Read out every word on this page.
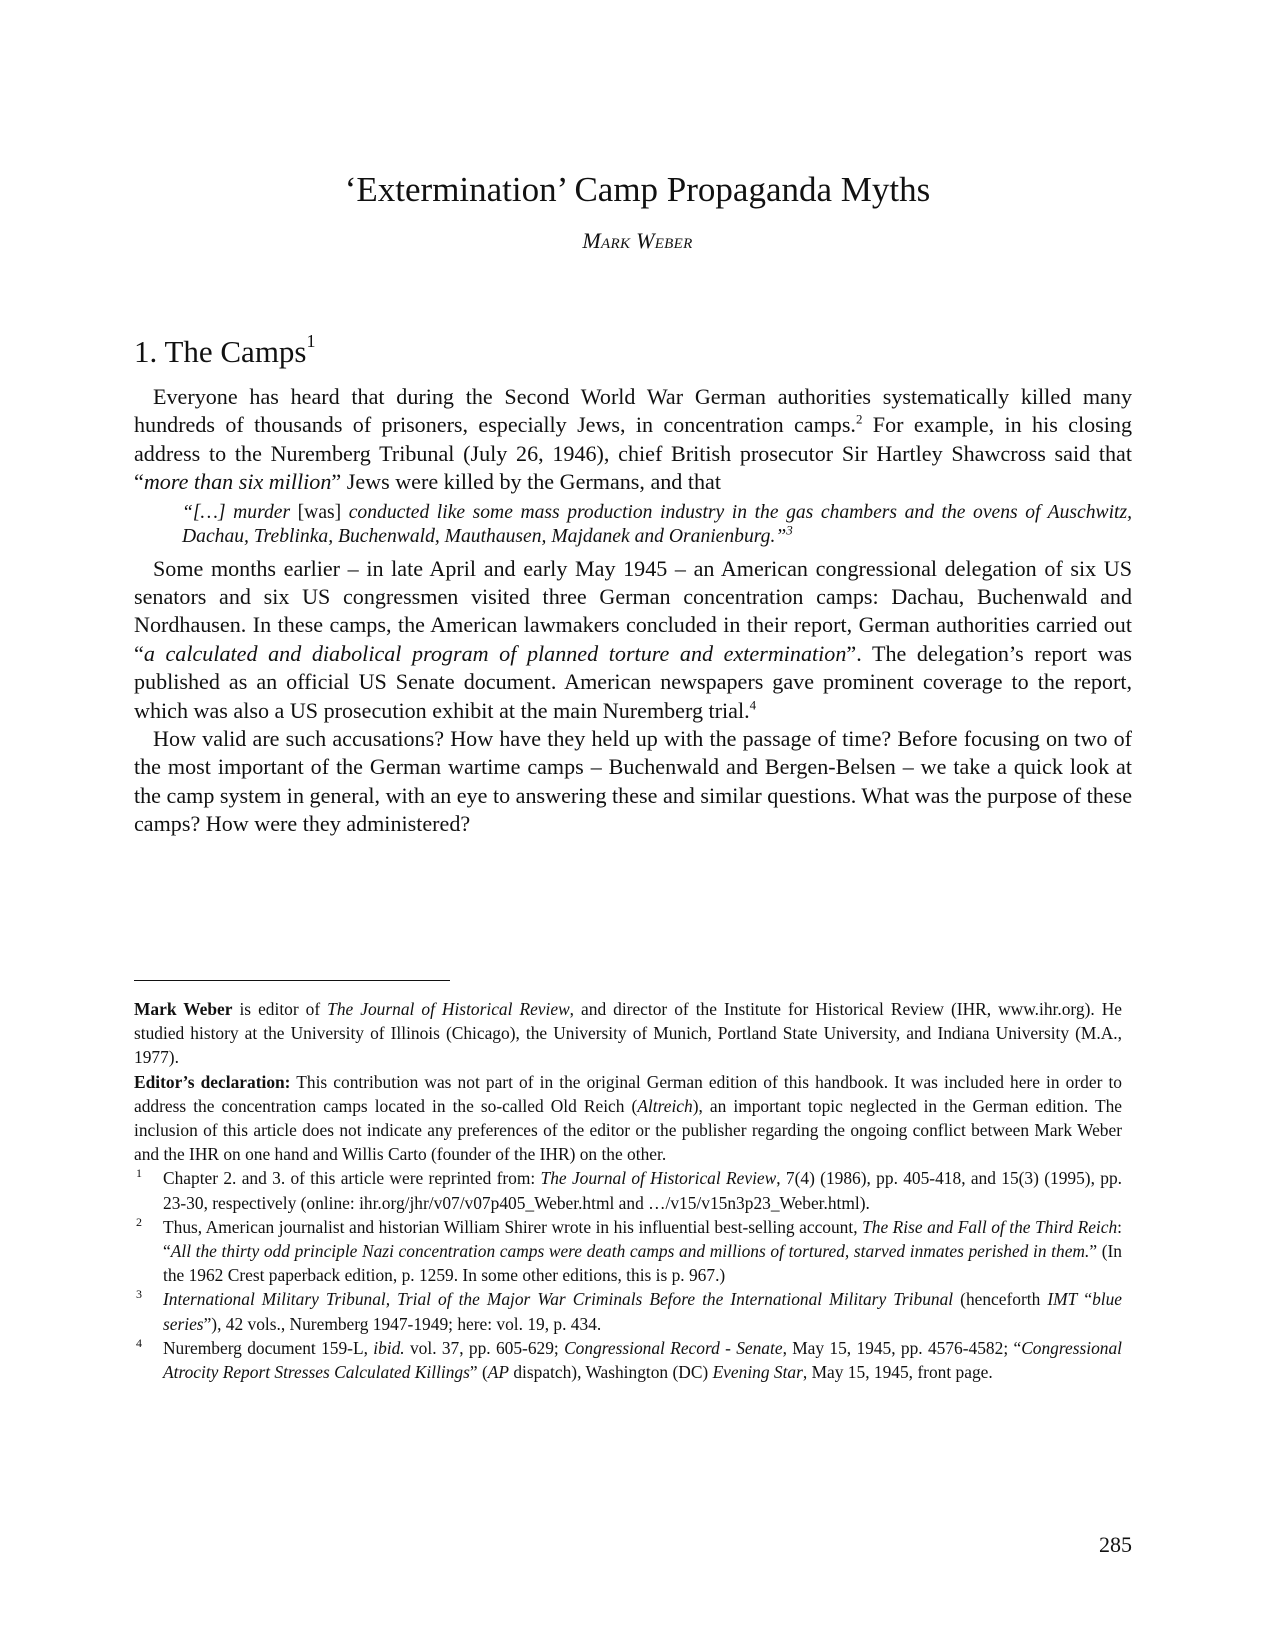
‘Extermination’ Camp Propaganda Myths
Mark Weber
1. The Camps$^1$

Everyone has heard that during the Second World War German authorities systematically killed many hundreds of thousands of prisoners, especially Jews, in concentration camps.$^2$ For example, in his closing address to the Nuremberg Tribunal (July 26, 1946), chief British prosecutor Sir Hartley Shawcross said that “more than six million” Jews were killed by the Germans, and that

“[…] murder [was] conducted like some mass production industry in the gas chambers and the ovens of Auschwitz, Dachau, Treblinka, Buchenwald, Mauthausen, Majdanek and Oranienburg.”$^3$

Some months earlier – in late April and early May 1945 – an American congressional delegation of six US senators and six US congressmen visited three German concentration camps: Dachau, Buchenwald and Nordhausen. In these camps, the American lawmakers concluded in their report, German authorities carried out “a calculated and diabolical program of planned torture and extermination”. The delegation’s report was published as an official US Senate document. American newspapers gave prominent coverage to the report, which was also a US prosecution exhibit at the main Nuremberg trial.$^4$

How valid are such accusations? How have they held up with the passage of time? Before focusing on two of the most important of the German wartime camps – Buchenwald and Bergen-Belsen – we take a quick look at the camp system in general, with an eye to answering these and similar questions. What was the purpose of these camps? How were they administered?

Mark Weber is editor of The Journal of Historical Review, and director of the Institute for Historical Review (IHR, www.ihr.org). He studied history at the University of Illinois (Chicago), the University of Munich, Portland State University, and Indiana University (M.A., 1977).

Editor’s declaration: This contribution was not part of in the original German edition of this handbook. It was included here in order to address the concentration camps located in the so-called Old Reich (Altreich), an important topic neglected in the German edition. The inclusion of this article does not indicate any preferences of the editor or the publisher regarding the ongoing conflict between Mark Weber and the IHR on one hand and Willis Carto (founder of the IHR) on the other.

1 Chapter 2. and 3. of this article were reprinted from: The Journal of Historical Review, 7(4) (1986), pp. 405-418, and 15(3) (1995), pp. 23-30, respectively (online: ihr.org/jhr/v07/v07p405_Weber.html and …/v15/v15n3p23_Weber.html).

2 Thus, American journalist and historian William Shirer wrote in his influential best-selling account, The Rise and Fall of the Third Reich: “All the thirty odd principle Nazi concentration camps were death camps and millions of tortured, starved inmates perished in them.” (In the 1962 Crest paperback edition, p. 1259. In some other editions, this is p. 967.)

3 International Military Tribunal, Trial of the Major War Criminals Before the International Military Tribunal (henceforth IMT “blue series”), 42 vols., Nuremberg 1947-1949; here: vol. 19, p. 434.

4 Nuremberg document 159-L, ibid. vol. 37, pp. 605-629; Congressional Record - Senate, May 15, 1945, pp. 4576-4582; “Congressional Atrocity Report Stresses Calculated Killings” (AP dispatch), Washington (DC) Evening Star, May 15, 1945, front page.

285
